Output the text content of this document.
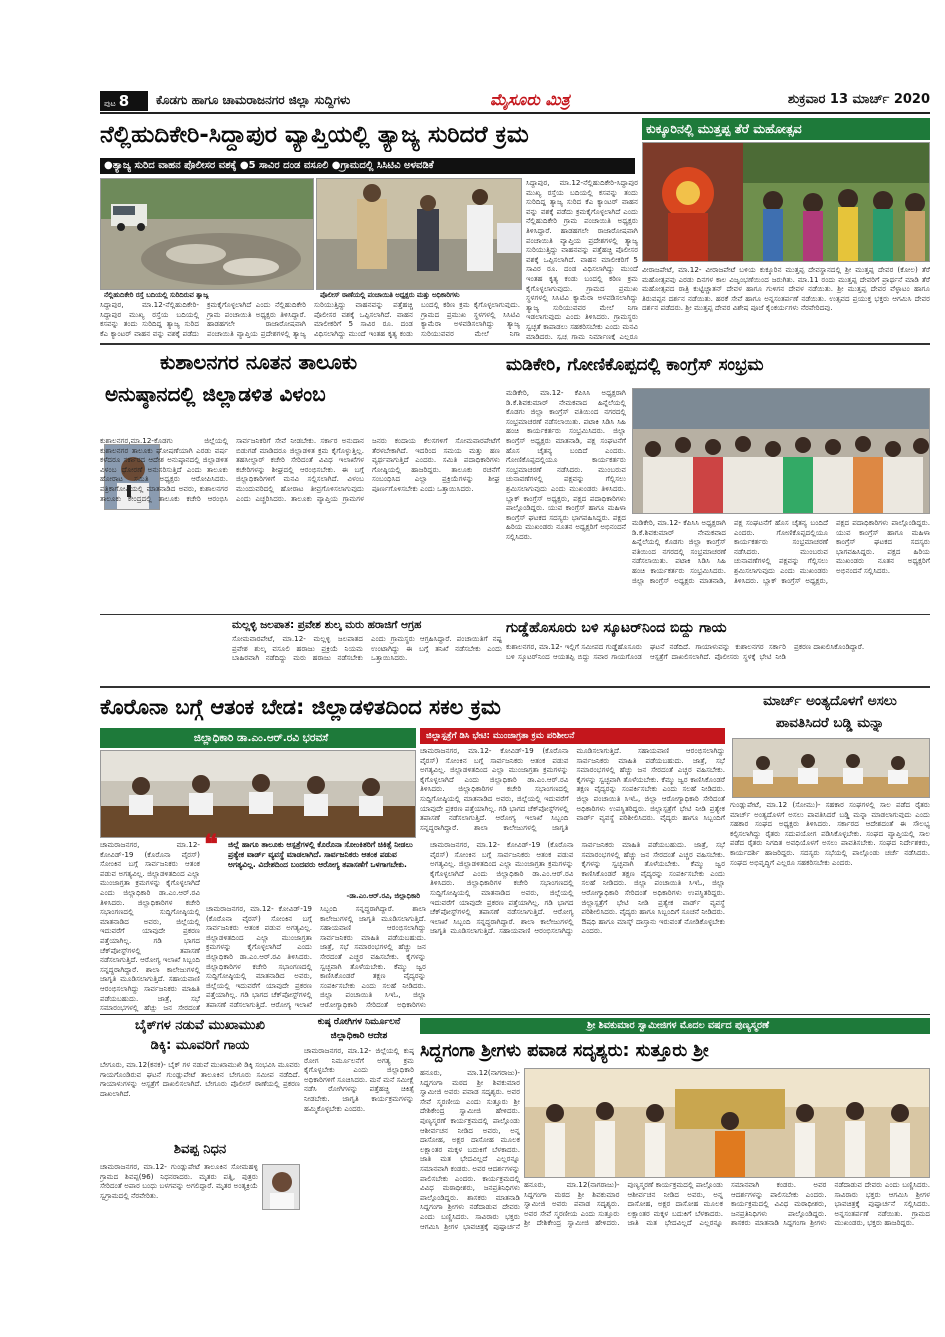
ಪುಟ 8	ಕೊಡಗು ಹಾಗೂ ಚಾಮರಾಜನಗರ ಜಿಲ್ಲಾ ಸುದ್ದಿಗಳು	ಮೈಸೂರು ಮಿತ್ರ	ಶುಕ್ರವಾರ 13 ಮಾರ್ಚ್ 2020
ನೆಲ್ಲಿಹುದಿಕೇರಿ-ಸಿದ್ದಾಪುರ ವ್ಯಾಪ್ತಿಯಲ್ಲಿ ತ್ಯಾಜ್ಯ ಸುರಿದರೆ ಕ್ರಮ
●ತ್ಯಾಜ್ಯ ಸುರಿದ ವಾಹನ ಪೊಲೀಸರ ವಶಕ್ಕೆ ●5 ಸಾವಿರ ದಂಡ ವಸೂಲಿ ●ಗ್ರಾಮದಲ್ಲಿ ಸಿಸಿಟಿವಿ ಅಳವಡಿಕೆ
ನೆಲ್ಲಿಹುದಿಕೇರಿ ರಸ್ತೆ ಬದಿಯಲ್ಲಿ ಸುರಿದಿರುವ ತ್ಯಾಜ್ಯ	ಪೊಲೀಸ್ ಠಾಣೆಯಲ್ಲಿ ಪಂಚಾಯಿತಿ ಅಧ್ಯಕ್ಷರು ಮತ್ತು ಅಧಿಕಾರಿಗಳು
ಸಿದ್ದಾಪುರ, ಮಾ.12-ನೆಲ್ಲಿಹುದಿಕೇರಿ-ಸಿದ್ದಾಪುರ ಮುಖ್ಯ ರಸ್ತೆಯ ಬದಿಯಲ್ಲಿ ಕಸವನ್ನು ತಂದು ಸುರಿದಿದ್ದ ತ್ಯಾಜ್ಯ ಸುರಿದ ಕೆಎ ಕ್ಯಾಂಟರ್ ವಾಹನ ವನ್ನು ವಶಕ್ಕೆ ಪಡೆದು ಕ್ರಮಕೈಗೊಳ್ಳಲಾಗಿದೆ ಎಂದು ನೆಲ್ಲಿಹುದಿಕೇರಿ ಗ್ರಾಮ ಪಂಚಾಯಿತಿ ಅಧ್ಯಕ್ಷರು ತಿಳಿಸಿದ್ದಾರೆ. ಹಾಡಹಗಲೇ ರಾಜಾರೋಷವಾಗಿ ಪಂಚಾಯಿತಿ ವ್ಯಾಪ್ತಿಯ ಪ್ರದೇಶಗಳಲ್ಲಿ ತ್ಯಾಜ್ಯ ಸುರಿಯುತ್ತಿದ್ದು ವಾಹನವನ್ನು ಪತ್ತೆಹಚ್ಚಿ ಪೊಲೀಸರ ವಶಕ್ಕೆ ಒಪ್ಪಿಸಲಾಗಿದೆ. ವಾಹನ ಮಾಲೀಕರಿಗೆ 5 ಸಾವಿರ ರೂ. ದಂಡ ವಿಧಿಸಲಾಗಿದ್ದು ಮುಂದೆ ಇಂತಹ ಕೃತ್ಯ ಕಂಡು ಬಂದಲ್ಲಿ ಕಠಿಣ ಕ್ರಮ ಕೈಗೊಳ್ಳಲಾಗುವುದು. ಗ್ರಾಮದ ಪ್ರಮುಖ ಸ್ಥಳಗಳಲ್ಲಿ ಸಿಸಿಟಿವಿ ಕ್ಯಾಮೆರಾ ಅಳವಡಿಸಲಾಗಿದ್ದು ತ್ಯಾಜ್ಯ ಸುರಿಯುವವರ ಮೇಲೆ ನಿಗಾ
ಸಿದ್ದಾಪುರ, ಮಾ.12-ನೆಲ್ಲಿಹುದಿಕೇರಿ-ಸಿದ್ದಾಪುರ ಮುಖ್ಯ ರಸ್ತೆಯ ಬದಿಯಲ್ಲಿ ಕಸವನ್ನು ತಂದು ಸುರಿದಿದ್ದ ತ್ಯಾಜ್ಯ ಸುರಿದ ಕೆಎ ಕ್ಯಾಂಟರ್ ವಾಹನ ವನ್ನು ವಶಕ್ಕೆ ಪಡೆದು ಕ್ರಮಕೈಗೊಳ್ಳಲಾಗಿದೆ ಎಂದು ನೆಲ್ಲಿಹುದಿಕೇರಿ ಗ್ರಾಮ ಪಂಚಾಯಿತಿ ಅಧ್ಯಕ್ಷರು ತಿಳಿಸಿದ್ದಾರೆ. ಹಾಡಹಗಲೇ ರಾಜಾರೋಷವಾಗಿ ಪಂಚಾಯಿತಿ ವ್ಯಾಪ್ತಿಯ ಪ್ರದೇಶಗಳಲ್ಲಿ ತ್ಯಾಜ್ಯ ಸುರಿಯುತ್ತಿದ್ದು ವಾಹನವನ್ನು ಪತ್ತೆಹಚ್ಚಿ ಪೊಲೀಸರ ವಶಕ್ಕೆ ಒಪ್ಪಿಸಲಾಗಿದೆ. ವಾಹನ ಮಾಲೀಕರಿಗೆ 5 ಸಾವಿರ ರೂ. ದಂಡ ವಿಧಿಸಲಾಗಿದ್ದು ಮುಂದೆ ಇಂತಹ ಕೃತ್ಯ ಕಂಡು ಬಂದಲ್ಲಿ ಕಠಿಣ ಕ್ರಮ ಕೈಗೊಳ್ಳಲಾಗುವುದು. ಗ್ರಾಮದ ಪ್ರಮುಖ ಸ್ಥಳಗಳಲ್ಲಿ ಸಿಸಿಟಿವಿ ಕ್ಯಾಮೆರಾ ಅಳವಡಿಸಲಾಗಿದ್ದು ತ್ಯಾಜ್ಯ ಸುರಿಯುವವರ ಮೇಲೆ ನಿಗಾ ಇಡಲಾಗುವುದು ಎಂದು ತಿಳಿಸಿದರು. ಗ್ರಾಮಸ್ಥರು ಸ್ವಚ್ಛತೆ ಕಾಪಾಡಲು ಸಹಕರಿಸಬೇಕು ಎಂದು ಮನವಿ ಮಾಡಿದರು. ಸ್ವಚ್ಛ ಗ್ರಾಮ ನಿರ್ಮಾಣಕ್ಕೆ ಎಲ್ಲರೂ
ಕುಕ್ಕೂರಿನಲ್ಲಿ ಮುತ್ತಪ್ಪ ತೆರೆ ಮಹೋತ್ಸವ
ವೀರಾಜಪೇಟೆ, ಮಾ.12- ವೀರಾಜಪೇಟೆ ಬಳಿಯ ಕುಕ್ಕೂರಿನ ಮುತ್ತಪ್ಪ ದೇವಸ್ಥಾನದಲ್ಲಿ ಶ್ರೀ ಮುತ್ತಪ್ಪ ದೇವರ (ಕೋಲ) ತೆರೆ ಮಹೋತ್ಸವವು ಎರಡು ದಿನಗಳ ಕಾಲ ವಿಜೃಂಭಣೆಯಿಂದ ಜರುಗಿತು. ಮಾ.11 ರಂದು ಮುತ್ತಪ್ಪ ದೇವರಿಗೆ ಪ್ರಾರ್ಥನೆ ಮಾಡಿ ತೆರೆ ಮಹೋತ್ಸವದ ರಾತ್ರಿ ಕುಟ್ಟಿಚ್ಚಾತನ್ ದೇವಳ ಹಾಗೂ ಗುಳಿಗನ ದೇವಳ ನಡೆಯಿತು. ಶ್ರೀ ಮುತ್ತಪ್ಪ ದೇವರ ವೆಳ್ಳಾಟಂ ಹಾಗೂ ತಿರುವಪ್ಪನ ದರ್ಶನ ನಡೆಯಿತು. ಹರಕೆ ಸೇವೆ ಹಾಗೂ ಅನ್ನಸಂತರ್ಪಣೆ ನಡೆಯಿತು. ಉತ್ಸವದ ಪ್ರಯುಕ್ತ ಭಕ್ತರು ಆಗಮಿಸಿ ದೇವರ ದರ್ಶನ ಪಡೆದರು. ಶ್ರೀ ಮುತ್ತಪ್ಪ ದೇವರ ವಿಶೇಷ ಪೂಜೆ ಕೈಂಕರ್ಯಗಳು ನೆರವೇರಿದವು.
ಕುಶಾಲನಗರ ನೂತನ ತಾಲೂಕು
ಅನುಷ್ಠಾನದಲ್ಲಿ ಜಿಲ್ಲಾಡಳಿತ ವಿಳಂಬ
ಕುಶಾಲನಗರ,ಮಾ.12-ಕೊಡಗು ಜಿಲ್ಲೆಯಲ್ಲಿ ಕುಶಾಲನಗರ ತಾಲೂಕು ಘೋಷಣೆಯಾಗಿ ಎರಡು ವರ್ಷ ಕಳೆದರೂ ಸರ್ಕಾರದ ಆದೇಶ ಅನುಷ್ಠಾನದಲ್ಲಿ ಜಿಲ್ಲಾಡಳಿತ ವಿಳಂಬ ಧೋರಣೆ ಅನುಸರಿಸುತ್ತಿದೆ ಎಂದು ತಾಲೂಕು ಹೋರಾಟ ಸಮಿತಿ ಅಧ್ಯಕ್ಷರು ಆರೋಪಿಸಿದರು. ಪತ್ರಿಕಾಗೋಷ್ಠಿಯಲ್ಲಿ ಮಾತನಾಡಿದ ಅವರು, ಕುಶಾಲನಗರ ತಾಲೂಕು ಕೇಂದ್ರದಲ್ಲಿ ತಾಲೂಕು ಕಚೇರಿ ಆರಂಭಿಸಿ ಸಾರ್ವಜನಿಕರಿಗೆ ಸೇವೆ ನೀಡಬೇಕು. ಸರ್ಕಾರ ಅನುದಾನ ಬಿಡುಗಡೆ ಮಾಡಿದರೂ ಜಿಲ್ಲಾಡಳಿತ ಕ್ರಮ ಕೈಗೊಳ್ಳುತ್ತಿಲ್ಲ. ತಹಸೀಲ್ದಾರ್ ಕಚೇರಿ ಸೇರಿದಂತೆ ವಿವಿಧ ಇಲಾಖೆಗಳ ಕಚೇರಿಗಳನ್ನು ಶೀಘ್ರದಲ್ಲಿ ಆರಂಭಿಸಬೇಕು. ಈ ಬಗ್ಗೆ ಜಿಲ್ಲಾಧಿಕಾರಿಗಳಿಗೆ ಮನವಿ ಸಲ್ಲಿಸಲಾಗಿದೆ. ವಿಳಂಬ ಮುಂದುವರಿದಲ್ಲಿ ಹೋರಾಟ ತೀವ್ರಗೊಳಿಸಲಾಗುವುದು ಎಂದು ಎಚ್ಚರಿಸಿದರು. ತಾಲೂಕು ವ್ಯಾಪ್ತಿಯ ಗ್ರಾಮಗಳ ಜನರು ಕಂದಾಯ ಕೆಲಸಗಳಿಗೆ ಸೋಮವಾರಪೇಟೆಗೆ ತೆರಳಬೇಕಾಗಿದೆ. ಇದರಿಂದ ಸಮಯ ಮತ್ತು ಹಣ ವ್ಯರ್ಥವಾಗುತ್ತಿದೆ ಎಂದರು. ಸಮಿತಿ ಪದಾಧಿಕಾರಿಗಳು ಗೋಷ್ಠಿಯಲ್ಲಿ ಹಾಜರಿದ್ದರು. ತಾಲೂಕು ರಚನೆಗೆ ಸಂಬಂಧಿಸಿದ ಎಲ್ಲಾ ಪ್ರಕ್ರಿಯೆಗಳನ್ನು ಶೀಘ್ರ ಪೂರ್ಣಗೊಳಿಸಬೇಕು ಎಂದು ಒತ್ತಾಯಿಸಿದರು.
ಮಡಿಕೇರಿ, ಗೋಣಿಕೊಪ್ಪದಲ್ಲಿ ಕಾಂಗ್ರೆಸ್ ಸಂಭ್ರಮ
ಮಡಿಕೇರಿ, ಮಾ.12- ಕೆಪಿಸಿಸಿ ಅಧ್ಯಕ್ಷರಾಗಿ ಡಿ.ಕೆ.ಶಿವಕುಮಾರ್ ನೇಮಕವಾದ ಹಿನ್ನೆಲೆಯಲ್ಲಿ ಕೊಡಗು ಜಿಲ್ಲಾ ಕಾಂಗ್ರೆಸ್ ವತಿಯಿಂದ ನಗರದಲ್ಲಿ ಸಂಭ್ರಮಾಚರಣೆ ನಡೆಸಲಾಯಿತು. ಪಟಾಕಿ ಸಿಡಿಸಿ ಸಿಹಿ ಹಂಚಿ ಕಾರ್ಯಕರ್ತರು ಸಂಭ್ರಮಿಸಿದರು. ಜಿಲ್ಲಾ ಕಾಂಗ್ರೆಸ್ ಅಧ್ಯಕ್ಷರು ಮಾತನಾಡಿ, ಪಕ್ಷ ಸಂಘಟನೆಗೆ ಹೊಸ ಚೈತನ್ಯ ಬಂದಿದೆ ಎಂದರು. ಗೋಣಿಕೊಪ್ಪದಲ್ಲಿಯೂ ಕಾರ್ಯಕರ್ತರು ಸಂಭ್ರಮಾಚರಣೆ ನಡೆಸಿದರು. ಮುಂಬರುವ ಚುನಾವಣೆಗಳಲ್ಲಿ ಪಕ್ಷವನ್ನು ಗೆಲ್ಲಿಸಲು ಶ್ರಮಿಸಲಾಗುವುದು ಎಂದು ಮುಖಂಡರು ತಿಳಿಸಿದರು. ಬ್ಲಾಕ್ ಕಾಂಗ್ರೆಸ್ ಅಧ್ಯಕ್ಷರು, ಪಕ್ಷದ ಪದಾಧಿಕಾರಿಗಳು ಪಾಲ್ಗೊಂಡಿದ್ದರು. ಯುವ ಕಾಂಗ್ರೆಸ್ ಹಾಗೂ ಮಹಿಳಾ ಕಾಂಗ್ರೆಸ್ ಘಟಕದ ಸದಸ್ಯರು ಭಾಗವಹಿಸಿದ್ದರು. ಪಕ್ಷದ ಹಿರಿಯ ಮುಖಂಡರು ನೂತನ ಅಧ್ಯಕ್ಷರಿಗೆ ಅಭಿನಂದನೆ ಸಲ್ಲಿಸಿದರು.
ಮಡಿಕೇರಿ, ಮಾ.12- ಕೆಪಿಸಿಸಿ ಅಧ್ಯಕ್ಷರಾಗಿ ಡಿ.ಕೆ.ಶಿವಕುಮಾರ್ ನೇಮಕವಾದ ಹಿನ್ನೆಲೆಯಲ್ಲಿ ಕೊಡಗು ಜಿಲ್ಲಾ ಕಾಂಗ್ರೆಸ್ ವತಿಯಿಂದ ನಗರದಲ್ಲಿ ಸಂಭ್ರಮಾಚರಣೆ ನಡೆಸಲಾಯಿತು. ಪಟಾಕಿ ಸಿಡಿಸಿ ಸಿಹಿ ಹಂಚಿ ಕಾರ್ಯಕರ್ತರು ಸಂಭ್ರಮಿಸಿದರು. ಜಿಲ್ಲಾ ಕಾಂಗ್ರೆಸ್ ಅಧ್ಯಕ್ಷರು ಮಾತನಾಡಿ, ಪಕ್ಷ ಸಂಘಟನೆಗೆ ಹೊಸ ಚೈತನ್ಯ ಬಂದಿದೆ ಎಂದರು. ಗೋಣಿಕೊಪ್ಪದಲ್ಲಿಯೂ ಕಾರ್ಯಕರ್ತರು ಸಂಭ್ರಮಾಚರಣೆ ನಡೆಸಿದರು. ಮುಂಬರುವ ಚುನಾವಣೆಗಳಲ್ಲಿ ಪಕ್ಷವನ್ನು ಗೆಲ್ಲಿಸಲು ಶ್ರಮಿಸಲಾಗುವುದು ಎಂದು ಮುಖಂಡರು ತಿಳಿಸಿದರು. ಬ್ಲಾಕ್ ಕಾಂಗ್ರೆಸ್ ಅಧ್ಯಕ್ಷರು, ಪಕ್ಷದ ಪದಾಧಿಕಾರಿಗಳು ಪಾಲ್ಗೊಂಡಿದ್ದರು. ಯುವ ಕಾಂಗ್ರೆಸ್ ಹಾಗೂ ಮಹಿಳಾ ಕಾಂಗ್ರೆಸ್ ಘಟಕದ ಸದಸ್ಯರು ಭಾಗವಹಿಸಿದ್ದರು. ಪಕ್ಷದ ಹಿರಿಯ ಮುಖಂಡರು ನೂತನ ಅಧ್ಯಕ್ಷರಿಗೆ ಅಭಿನಂದನೆ ಸಲ್ಲಿಸಿದರು.
ಮಲ್ಲಳ್ಳಿ ಜಲಪಾತ: ಪ್ರವೇಶ ಶುಲ್ಕ ಮರು ಹರಾಜಿಗೆ ಆಗ್ರಹ
ಸೋಮವಾರಪೇಟೆ, ಮಾ.12- ಮಲ್ಲಳ್ಳಿ ಜಲಪಾತದ ಪ್ರವೇಶ ಶುಲ್ಕ ವಸೂಲಿ ಹರಾಜು ಪ್ರಕ್ರಿಯೆ ನಿಯಮ ಬಾಹಿರವಾಗಿ ನಡೆದಿದ್ದು ಮರು ಹರಾಜು ನಡೆಸಬೇಕು ಎಂದು ಗ್ರಾಮಸ್ಥರು ಆಗ್ರಹಿಸಿದ್ದಾರೆ. ಪಂಚಾಯಿತಿಗೆ ನಷ್ಟ ಉಂಟಾಗಿದ್ದು ಈ ಬಗ್ಗೆ ತನಿಖೆ ನಡೆಸಬೇಕು ಎಂದು ಒತ್ತಾಯಿಸಿದರು.
ಗುಡ್ಡೆಹೊಸೂರು ಬಳಿ ಸ್ಕೂಟರ್‌ನಿಂದ ಬಿದ್ದು ಗಾಯ
ಕುಶಾಲನಗರ, ಮಾ.12- ಇಲ್ಲಿಗೆ ಸಮೀಪದ ಗುಡ್ಡೆಹೊಸೂರು ಬಳಿ ಸ್ಕೂಟರ್‌ನಿಂದ ಆಯತಪ್ಪಿ ಬಿದ್ದು ಸವಾರ ಗಾಯಗೊಂಡ ಘಟನೆ ನಡೆದಿದೆ. ಗಾಯಾಳುವನ್ನು ಕುಶಾಲನಗರ ಸರ್ಕಾರಿ ಆಸ್ಪತ್ರೆಗೆ ದಾಖಲಿಸಲಾಗಿದೆ. ಪೊಲೀಸರು ಸ್ಥಳಕ್ಕೆ ಭೇಟಿ ನೀಡಿ ಪ್ರಕರಣ ದಾಖಲಿಸಿಕೊಂಡಿದ್ದಾರೆ.
ಕೊರೊನಾ ಬಗ್ಗೆ ಆತಂಕ ಬೇಡ: ಜಿಲ್ಲಾಡಳಿತದಿಂದ ಸಕಲ ಕ್ರಮ
ಜಿಲ್ಲಾಧಿಕಾರಿ ಡಾ.ಎಂ.ಆರ್.ರವಿ ಭರವಸೆ	ಜಿಲ್ಲಾಸ್ಪತ್ರೆಗೆ ಡಿಸಿ ಭೇಟಿ: ಮುಂಜಾಗ್ರತಾ ಕ್ರಮ ಪರಿಶೀಲನೆ
ಚಾಮರಾಜನಗರ, ಮಾ.12- ಕೋವಿಡ್-19 (ಕೊರೊನಾ ವೈರಸ್) ಸೋಂಕಿನ ಬಗ್ಗೆ ಸಾರ್ವಜನಿಕರು ಆತಂಕ ಪಡುವ ಅಗತ್ಯವಿಲ್ಲ. ಜಿಲ್ಲಾಡಳಿತದಿಂದ ಎಲ್ಲಾ ಮುಂಜಾಗ್ರತಾ ಕ್ರಮಗಳನ್ನು ಕೈಗೊಳ್ಳಲಾಗಿದೆ ಎಂದು ಜಿಲ್ಲಾಧಿಕಾರಿ ಡಾ.ಎಂ.ಆರ್.ರವಿ ತಿಳಿಸಿದರು. ಜಿಲ್ಲಾಧಿಕಾರಿಗಳ ಕಚೇರಿ ಸಭಾಂಗಣದಲ್ಲಿ ಸುದ್ದಿಗೋಷ್ಠಿಯಲ್ಲಿ ಮಾತನಾಡಿದ ಅವರು, ಜಿಲ್ಲೆಯಲ್ಲಿ ಇದುವರೆಗೆ ಯಾವುದೇ ಪ್ರಕರಣ ಪತ್ತೆಯಾಗಿಲ್ಲ. ಗಡಿ ಭಾಗದ ಚೆಕ್‌ಪೋಸ್ಟ್‌ಗಳಲ್ಲಿ ತಪಾಸಣೆ ನಡೆಸಲಾಗುತ್ತಿದೆ. ಆರೋಗ್ಯ ಇಲಾಖೆ ಸಿಬ್ಬಂದಿ ಸನ್ನದ್ಧರಾಗಿದ್ದಾರೆ. ಶಾಲಾ ಕಾಲೇಜುಗಳಲ್ಲಿ ಜಾಗೃತಿ ಮೂಡಿಸಲಾಗುತ್ತಿದೆ. ಸಹಾಯವಾಣಿ ಆರಂಭಿಸಲಾಗಿದ್ದು ಸಾರ್ವಜನಿಕರು ಮಾಹಿತಿ ಪಡೆಯಬಹುದು. ಜಾತ್ರೆ, ಸಭೆ ಸಮಾರಂಭಗಳಲ್ಲಿ ಹೆಚ್ಚು ಜನ ಸೇರದಂತೆ ಎಚ್ಚರ ವಹಿಸಬೇಕು. ಕೈಗಳನ್ನು ಸ್ವಚ್ಛವಾಗಿ ತೊಳೆಯಬೇಕು. ಕೆಮ್ಮು ಜ್ವರ ಕಾಣಿಸಿಕೊಂಡರೆ ತಕ್ಷಣ ವೈದ್ಯರನ್ನು ಸಂಪರ್ಕಿಸಬೇಕು ಎಂದು ಸಲಹೆ ನೀಡಿದರು. ಜಿಲ್ಲಾ ಪಂಚಾಯಿತಿ ಸಿಇಓ, ಜಿಲ್ಲಾ ಆರೋಗ್ಯಾಧಿಕಾರಿ ಸೇರಿದಂತೆ ಅಧಿಕಾರಿಗಳು ಉಪಸ್ಥಿತರಿದ್ದರು. ಜಿಲ್ಲಾಸ್ಪತ್ರೆಗೆ ಭೇಟಿ ನೀಡಿ ಪ್ರತ್ಯೇಕ ವಾರ್ಡ್ ವ್ಯವಸ್ಥೆ ಪರಿಶೀಲಿಸಿದರು. ವೈದ್ಯರು ಹಾಗೂ ಸಿಬ್ಬಂದಿಗೆ
ಚಾಮರಾಜನಗರ, ಮಾ.12- ಕೋವಿಡ್-19 (ಕೊರೊನಾ ವೈರಸ್) ಸೋಂಕಿನ ಬಗ್ಗೆ ಸಾರ್ವಜನಿಕರು ಆತಂಕ ಪಡುವ ಅಗತ್ಯವಿಲ್ಲ. ಜಿಲ್ಲಾಡಳಿತದಿಂದ ಎಲ್ಲಾ ಮುಂಜಾಗ್ರತಾ ಕ್ರಮಗಳನ್ನು ಕೈಗೊಳ್ಳಲಾಗಿದೆ ಎಂದು ಜಿಲ್ಲಾಧಿಕಾರಿ ಡಾ.ಎಂ.ಆರ್.ರವಿ ತಿಳಿಸಿದರು. ಜಿಲ್ಲಾಧಿಕಾರಿಗಳ ಕಚೇರಿ ಸಭಾಂಗಣದಲ್ಲಿ ಸುದ್ದಿಗೋಷ್ಠಿಯಲ್ಲಿ ಮಾತನಾಡಿದ ಅವರು, ಜಿಲ್ಲೆಯಲ್ಲಿ ಇದುವರೆಗೆ ಯಾವುದೇ ಪ್ರಕರಣ ಪತ್ತೆಯಾಗಿಲ್ಲ. ಗಡಿ ಭಾಗದ ಚೆಕ್‌ಪೋಸ್ಟ್‌ಗಳಲ್ಲಿ ತಪಾಸಣೆ ನಡೆಸಲಾಗುತ್ತಿದೆ. ಆರೋಗ್ಯ ಇಲಾಖೆ ಸಿಬ್ಬಂದಿ ಸನ್ನದ್ಧರಾಗಿದ್ದಾರೆ. ಶಾಲಾ ಕಾಲೇಜುಗಳಲ್ಲಿ ಜಾಗೃತಿ ಮೂಡಿಸಲಾಗುತ್ತಿದೆ. ಸಹಾಯವಾಣಿ ಆರಂಭಿಸಲಾಗಿದ್ದು ಸಾರ್ವಜನಿಕರು ಮಾಹಿತಿ ಪಡೆಯಬಹುದು. ಜಾತ್ರೆ, ಸಭೆ ಸಮಾರಂಭಗಳಲ್ಲಿ ಹೆಚ್ಚು ಜನ ಸೇರದಂತೆ
❝ ಜಿಲ್ಲೆ ಹಾಗೂ ತಾಲೂಕು ಆಸ್ಪತ್ರೆಗಳಲ್ಲಿ ಕೊರೊನಾ ಸೋಂಕಿತರಿಗೆ ಚಿಕಿತ್ಸೆ ನೀಡಲು ಪ್ರತ್ಯೇಕ ವಾರ್ಡ್ ವ್ಯವಸ್ಥೆ ಮಾಡಲಾಗಿದೆ. ಸಾರ್ವಜನಿಕರು ಆತಂಕ ಪಡುವ ಅಗತ್ಯವಿಲ್ಲ. ವಿದೇಶದಿಂದ ಬಂದವರು ಆರೋಗ್ಯ ತಪಾಸಣೆಗೆ ಒಳಗಾಗಬೇಕು.
-ಡಾ.ಎಂ.ಆರ್.ರವಿ, ಜಿಲ್ಲಾಧಿಕಾರಿ
ಚಾಮರಾಜನಗರ, ಮಾ.12- ಕೋವಿಡ್-19 (ಕೊರೊನಾ ವೈರಸ್) ಸೋಂಕಿನ ಬಗ್ಗೆ ಸಾರ್ವಜನಿಕರು ಆತಂಕ ಪಡುವ ಅಗತ್ಯವಿಲ್ಲ. ಜಿಲ್ಲಾಡಳಿತದಿಂದ ಎಲ್ಲಾ ಮುಂಜಾಗ್ರತಾ ಕ್ರಮಗಳನ್ನು ಕೈಗೊಳ್ಳಲಾಗಿದೆ ಎಂದು ಜಿಲ್ಲಾಧಿಕಾರಿ ಡಾ.ಎಂ.ಆರ್.ರವಿ ತಿಳಿಸಿದರು. ಜಿಲ್ಲಾಧಿಕಾರಿಗಳ ಕಚೇರಿ ಸಭಾಂಗಣದಲ್ಲಿ ಸುದ್ದಿಗೋಷ್ಠಿಯಲ್ಲಿ ಮಾತನಾಡಿದ ಅವರು, ಜಿಲ್ಲೆಯಲ್ಲಿ ಇದುವರೆಗೆ ಯಾವುದೇ ಪ್ರಕರಣ ಪತ್ತೆಯಾಗಿಲ್ಲ. ಗಡಿ ಭಾಗದ ಚೆಕ್‌ಪೋಸ್ಟ್‌ಗಳಲ್ಲಿ ತಪಾಸಣೆ ನಡೆಸಲಾಗುತ್ತಿದೆ. ಆರೋಗ್ಯ ಇಲಾಖೆ ಸಿಬ್ಬಂದಿ ಸನ್ನದ್ಧರಾಗಿದ್ದಾರೆ. ಶಾಲಾ ಕಾಲೇಜುಗಳಲ್ಲಿ ಜಾಗೃತಿ ಮೂಡಿಸಲಾಗುತ್ತಿದೆ. ಸಹಾಯವಾಣಿ ಆರಂಭಿಸಲಾಗಿದ್ದು ಸಾರ್ವಜನಿಕರು ಮಾಹಿತಿ ಪಡೆಯಬಹುದು. ಜಾತ್ರೆ, ಸಭೆ ಸಮಾರಂಭಗಳಲ್ಲಿ ಹೆಚ್ಚು ಜನ ಸೇರದಂತೆ ಎಚ್ಚರ ವಹಿಸಬೇಕು. ಕೈಗಳನ್ನು ಸ್ವಚ್ಛವಾಗಿ ತೊಳೆಯಬೇಕು. ಕೆಮ್ಮು ಜ್ವರ ಕಾಣಿಸಿಕೊಂಡರೆ ತಕ್ಷಣ ವೈದ್ಯರನ್ನು ಸಂಪರ್ಕಿಸಬೇಕು ಎಂದು ಸಲಹೆ ನೀಡಿದರು. ಜಿಲ್ಲಾ ಪಂಚಾಯಿತಿ ಸಿಇಓ, ಜಿಲ್ಲಾ ಆರೋಗ್ಯಾಧಿಕಾರಿ ಸೇರಿದಂತೆ ಅಧಿಕಾರಿಗಳು
ಚಾಮರಾಜನಗರ, ಮಾ.12- ಕೋವಿಡ್-19 (ಕೊರೊನಾ ವೈರಸ್) ಸೋಂಕಿನ ಬಗ್ಗೆ ಸಾರ್ವಜನಿಕರು ಆತಂಕ ಪಡುವ ಅಗತ್ಯವಿಲ್ಲ. ಜಿಲ್ಲಾಡಳಿತದಿಂದ ಎಲ್ಲಾ ಮುಂಜಾಗ್ರತಾ ಕ್ರಮಗಳನ್ನು ಕೈಗೊಳ್ಳಲಾಗಿದೆ ಎಂದು ಜಿಲ್ಲಾಧಿಕಾರಿ ಡಾ.ಎಂ.ಆರ್.ರವಿ ತಿಳಿಸಿದರು. ಜಿಲ್ಲಾಧಿಕಾರಿಗಳ ಕಚೇರಿ ಸಭಾಂಗಣದಲ್ಲಿ ಸುದ್ದಿಗೋಷ್ಠಿಯಲ್ಲಿ ಮಾತನಾಡಿದ ಅವರು, ಜಿಲ್ಲೆಯಲ್ಲಿ ಇದುವರೆಗೆ ಯಾವುದೇ ಪ್ರಕರಣ ಪತ್ತೆಯಾಗಿಲ್ಲ. ಗಡಿ ಭಾಗದ ಚೆಕ್‌ಪೋಸ್ಟ್‌ಗಳಲ್ಲಿ ತಪಾಸಣೆ ನಡೆಸಲಾಗುತ್ತಿದೆ. ಆರೋಗ್ಯ ಇಲಾಖೆ ಸಿಬ್ಬಂದಿ ಸನ್ನದ್ಧರಾಗಿದ್ದಾರೆ. ಶಾಲಾ ಕಾಲೇಜುಗಳಲ್ಲಿ ಜಾಗೃತಿ ಮೂಡಿಸಲಾಗುತ್ತಿದೆ. ಸಹಾಯವಾಣಿ ಆರಂಭಿಸಲಾಗಿದ್ದು ಸಾರ್ವಜನಿಕರು ಮಾಹಿತಿ ಪಡೆಯಬಹುದು. ಜಾತ್ರೆ, ಸಭೆ ಸಮಾರಂಭಗಳಲ್ಲಿ ಹೆಚ್ಚು ಜನ ಸೇರದಂತೆ ಎಚ್ಚರ ವಹಿಸಬೇಕು. ಕೈಗಳನ್ನು ಸ್ವಚ್ಛವಾಗಿ ತೊಳೆಯಬೇಕು. ಕೆಮ್ಮು ಜ್ವರ ಕಾಣಿಸಿಕೊಂಡರೆ ತಕ್ಷಣ ವೈದ್ಯರನ್ನು ಸಂಪರ್ಕಿಸಬೇಕು ಎಂದು ಸಲಹೆ ನೀಡಿದರು. ಜಿಲ್ಲಾ ಪಂಚಾಯಿತಿ ಸಿಇಓ, ಜಿಲ್ಲಾ ಆರೋಗ್ಯಾಧಿಕಾರಿ ಸೇರಿದಂತೆ ಅಧಿಕಾರಿಗಳು ಉಪಸ್ಥಿತರಿದ್ದರು. ಜಿಲ್ಲಾಸ್ಪತ್ರೆಗೆ ಭೇಟಿ ನೀಡಿ ಪ್ರತ್ಯೇಕ ವಾರ್ಡ್ ವ್ಯವಸ್ಥೆ ಪರಿಶೀಲಿಸಿದರು. ವೈದ್ಯರು ಹಾಗೂ ಸಿಬ್ಬಂದಿಗೆ ಸೂಚನೆ ನೀಡಿದರು. ಔಷಧಿ ಹಾಗೂ ಮಾಸ್ಕ್ ದಾಸ್ತಾನು ಇರುವಂತೆ ನೋಡಿಕೊಳ್ಳಬೇಕು ಎಂದರು.
ಮಾರ್ಚ್ ಅಂತ್ಯದೊಳಗೆ ಅಸಲು
ಪಾವತಿಸಿದರೆ ಬಡ್ಡಿ ಮನ್ನಾ
ಗುಂಡ್ಲುಪೇಟೆ, ಮಾ.12 (ಸೋಮು)- ಸಹಕಾರ ಸಂಘಗಳಲ್ಲಿ ಸಾಲ ಪಡೆದ ರೈತರು ಮಾರ್ಚ್ ಅಂತ್ಯದೊಳಗೆ ಅಸಲು ಪಾವತಿಸಿದರೆ ಬಡ್ಡಿ ಮನ್ನಾ ಮಾಡಲಾಗುವುದು ಎಂದು ಸಹಕಾರ ಸಂಘದ ಅಧ್ಯಕ್ಷರು ತಿಳಿಸಿದರು. ಸರ್ಕಾರದ ಆದೇಶದಂತೆ ಈ ಸೌಲಭ್ಯ ಕಲ್ಪಿಸಲಾಗಿದ್ದು ರೈತರು ಸದುಪಯೋಗ ಪಡಿಸಿಕೊಳ್ಳಬೇಕು. ಸಂಘದ ವ್ಯಾಪ್ತಿಯಲ್ಲಿ ಸಾಲ ಪಡೆದ ರೈತರು ನಿಗದಿತ ಅವಧಿಯೊಳಗೆ ಅಸಲು ಪಾವತಿಸಬೇಕು. ಸಂಘದ ನಿರ್ದೇಶಕರು, ಕಾರ್ಯದರ್ಶಿ ಹಾಜರಿದ್ದರು. ಸದಸ್ಯರು ಸಭೆಯಲ್ಲಿ ಪಾಲ್ಗೊಂಡು ಚರ್ಚೆ ನಡೆಸಿದರು. ಸಂಘದ ಅಭಿವೃದ್ಧಿಗೆ ಎಲ್ಲರೂ ಸಹಕರಿಸಬೇಕು ಎಂದರು.
ಬೈಕ್‌ಗಳ ನಡುವೆ ಮುಖಾಮುಖಿ
ಡಿಕ್ಕಿ: ಮೂವರಿಗೆ ಗಾಯ
ಬೇಗೂರು, ಮಾ.12(ಕನಕ)- ಬೈಕ್ ಗಳ ನಡುವೆ ಮುಖಾಮುಖಿ ಡಿಕ್ಕಿ ಸಂಭವಿಸಿ ಮೂವರು ಗಾಯಗೊಂಡಿರುವ ಘಟನೆ ಗುಂಡ್ಲುಪೇಟೆ ತಾಲೂಕಿನ ಬೇಗೂರು ಸಮೀಪ ನಡೆದಿದೆ. ಗಾಯಾಳುಗಳನ್ನು ಆಸ್ಪತ್ರೆಗೆ ದಾಖಲಿಸಲಾಗಿದೆ. ಬೇಗೂರು ಪೊಲೀಸ್ ಠಾಣೆಯಲ್ಲಿ ಪ್ರಕರಣ ದಾಖಲಾಗಿದೆ.
ಶಿವಪ್ಪ ನಿಧನ
ಚಾಮರಾಜನಗರ, ಮಾ.12- ಗುಂಡ್ಲುಪೇಟೆ ತಾಲೂಕಿನ ಸೋಮಹಳ್ಳಿ ಗ್ರಾಮದ ಶಿವಪ್ಪ(96) ನಿಧನರಾದರು. ಮೃತರು ಪತ್ನಿ, ಪುತ್ರರು ಸೇರಿದಂತೆ ಅಪಾರ ಬಂಧು ಬಳಗವನ್ನು ಅಗಲಿದ್ದಾರೆ. ಮೃತರ ಅಂತ್ಯಕ್ರಿಯೆ ಸ್ವಗ್ರಾಮದಲ್ಲಿ ನೆರವೇರಿತು.
ಕುಷ್ಠ ರೋಗಿಗಳ ನಿರ್ಮೂಲನೆ
ಜಿಲ್ಲಾಧಿಕಾರಿ ಆದೇಶ
ಚಾಮರಾಜನಗರ, ಮಾ.12- ಜಿಲ್ಲೆಯಲ್ಲಿ ಕುಷ್ಠ ರೋಗ ನಿರ್ಮೂಲನೆಗೆ ಅಗತ್ಯ ಕ್ರಮ ಕೈಗೊಳ್ಳಬೇಕು ಎಂದು ಜಿಲ್ಲಾಧಿಕಾರಿ ಅಧಿಕಾರಿಗಳಿಗೆ ಸೂಚಿಸಿದರು. ಮನೆ ಮನೆ ಸಮೀಕ್ಷೆ ನಡೆಸಿ ರೋಗಿಗಳನ್ನು ಪತ್ತೆಹಚ್ಚಿ ಚಿಕಿತ್ಸೆ ನೀಡಬೇಕು. ಜಾಗೃತಿ ಕಾರ್ಯಕ್ರಮಗಳನ್ನು ಹಮ್ಮಿಕೊಳ್ಳಬೇಕು ಎಂದರು.
ಶ್ರೀ ಶಿವಕುಮಾರ ಸ್ವಾಮೀಜಿಗಳ ಮೊದಲ ವರ್ಷದ ಪುಣ್ಯಸ್ಮರಣೆ
ಸಿದ್ದಗಂಗಾ ಶ್ರೀಗಳು ಪವಾಡ ಸದೃಶ್ಯರು: ಸುತ್ತೂರು ಶ್ರೀ
ಹನೂರು, ಮಾ.12(ನಾಗರಾಜು)- ಸಿದ್ದಗಂಗಾ ಮಠದ ಶ್ರೀ ಶಿವಕುಮಾರ ಸ್ವಾಮೀಜಿ ಅವರು ಪವಾಡ ಸದೃಶ್ಯರು. ಅವರ ಸೇವೆ ಸ್ಮರಣೀಯ ಎಂದು ಸುತ್ತೂರು ಶ್ರೀ ದೇಶಿಕೇಂದ್ರ ಸ್ವಾಮೀಜಿ ಹೇಳಿದರು. ಪುಣ್ಯಸ್ಮರಣೆ ಕಾರ್ಯಕ್ರಮದಲ್ಲಿ ಪಾಲ್ಗೊಂಡು ಆಶೀರ್ವಚನ ನೀಡಿದ ಅವರು, ಅನ್ನ ದಾಸೋಹ, ಅಕ್ಷರ ದಾಸೋಹ ಮೂಲಕ ಲಕ್ಷಾಂತರ ಮಕ್ಕಳ ಬದುಕಿಗೆ ಬೆಳಕಾದರು. ಜಾತಿ ಮತ ಭೇದವಿಲ್ಲದೆ ಎಲ್ಲರನ್ನೂ ಸಮಾನವಾಗಿ ಕಂಡರು. ಅವರ ಆದರ್ಶಗಳನ್ನು ಪಾಲಿಸಬೇಕು ಎಂದರು. ಕಾರ್ಯಕ್ರಮದಲ್ಲಿ ವಿವಿಧ ಮಠಾಧೀಶರು, ಜನಪ್ರತಿನಿಧಿಗಳು ಪಾಲ್ಗೊಂಡಿದ್ದರು. ಶಾಸಕರು ಮಾತನಾಡಿ ಸಿದ್ದಗಂಗಾ ಶ್ರೀಗಳು ನಡೆದಾಡುವ ದೇವರು ಎಂದು ಬಣ್ಣಿಸಿದರು. ಸಾವಿರಾರು ಭಕ್ತರು ಆಗಮಿಸಿ ಶ್ರೀಗಳ ಭಾವಚಿತ್ರಕ್ಕೆ ಪುಷ್ಪಾರ್ಚನೆ
ಹನೂರು, ಮಾ.12(ನಾಗರಾಜು)- ಸಿದ್ದಗಂಗಾ ಮಠದ ಶ್ರೀ ಶಿವಕುಮಾರ ಸ್ವಾಮೀಜಿ ಅವರು ಪವಾಡ ಸದೃಶ್ಯರು. ಅವರ ಸೇವೆ ಸ್ಮರಣೀಯ ಎಂದು ಸುತ್ತೂರು ಶ್ರೀ ದೇಶಿಕೇಂದ್ರ ಸ್ವಾಮೀಜಿ ಹೇಳಿದರು. ಪುಣ್ಯಸ್ಮರಣೆ ಕಾರ್ಯಕ್ರಮದಲ್ಲಿ ಪಾಲ್ಗೊಂಡು ಆಶೀರ್ವಚನ ನೀಡಿದ ಅವರು, ಅನ್ನ ದಾಸೋಹ, ಅಕ್ಷರ ದಾಸೋಹ ಮೂಲಕ ಲಕ್ಷಾಂತರ ಮಕ್ಕಳ ಬದುಕಿಗೆ ಬೆಳಕಾದರು. ಜಾತಿ ಮತ ಭೇದವಿಲ್ಲದೆ ಎಲ್ಲರನ್ನೂ ಸಮಾನವಾಗಿ ಕಂಡರು. ಅವರ ಆದರ್ಶಗಳನ್ನು ಪಾಲಿಸಬೇಕು ಎಂದರು. ಕಾರ್ಯಕ್ರಮದಲ್ಲಿ ವಿವಿಧ ಮಠಾಧೀಶರು, ಜನಪ್ರತಿನಿಧಿಗಳು ಪಾಲ್ಗೊಂಡಿದ್ದರು. ಶಾಸಕರು ಮಾತನಾಡಿ ಸಿದ್ದಗಂಗಾ ಶ್ರೀಗಳು ನಡೆದಾಡುವ ದೇವರು ಎಂದು ಬಣ್ಣಿಸಿದರು. ಸಾವಿರಾರು ಭಕ್ತರು ಆಗಮಿಸಿ ಶ್ರೀಗಳ ಭಾವಚಿತ್ರಕ್ಕೆ ಪುಷ್ಪಾರ್ಚನೆ ಸಲ್ಲಿಸಿದರು. ಅನ್ನಸಂತರ್ಪಣೆ ನಡೆಯಿತು. ಗ್ರಾಮದ ಮುಖಂಡರು, ಭಕ್ತರು ಹಾಜರಿದ್ದರು.
